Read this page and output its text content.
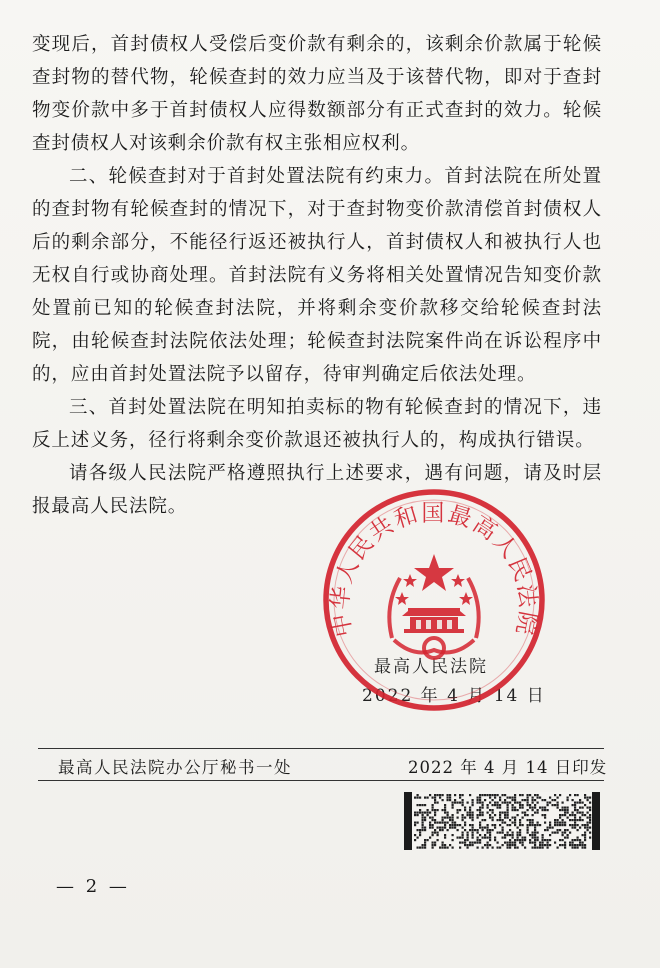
变现后，首封债权人受偿后变价款有剩余的，该剩余价款属于轮候查封物的替代物，轮候查封的效力应当及于该替代物，即对于查封物变价款中多于首封债权人应得数额部分有正式查封的效力。轮候查封债权人对该剩余价款有权主张相应权利。

二、轮候查封对于首封处置法院有约束力。首封法院在所处置的查封物有轮候查封的情况下，对于查封物变价款清偿首封债权人后的剩余部分，不能径行返还被执行人，首封债权人和被执行人也无权自行或协商处理。首封法院有义务将相关处置情况告知变价款处置前已知的轮候查封法院，并将剩余变价款移交给轮候查封法院，由轮候查封法院依法处理；轮候查封法院案件尚在诉讼程序中的，应由首封处置法院予以留存，待审判确定后依法处理。

三、首封处置法院在明知拍卖标的物有轮候查封的情况下，违反上述义务，径行将剩余变价款退还被执行人的，构成执行错误。

请各级人民法院严格遵照执行上述要求，遇有问题，请及时层报最高人民法院。

最高人民法院
2022 年 4 月 14 日
中华人民共和国最高人民法院
最高人民法院办公厅秘书一处	2022 年 4 月 14 日印发
— 2 —
